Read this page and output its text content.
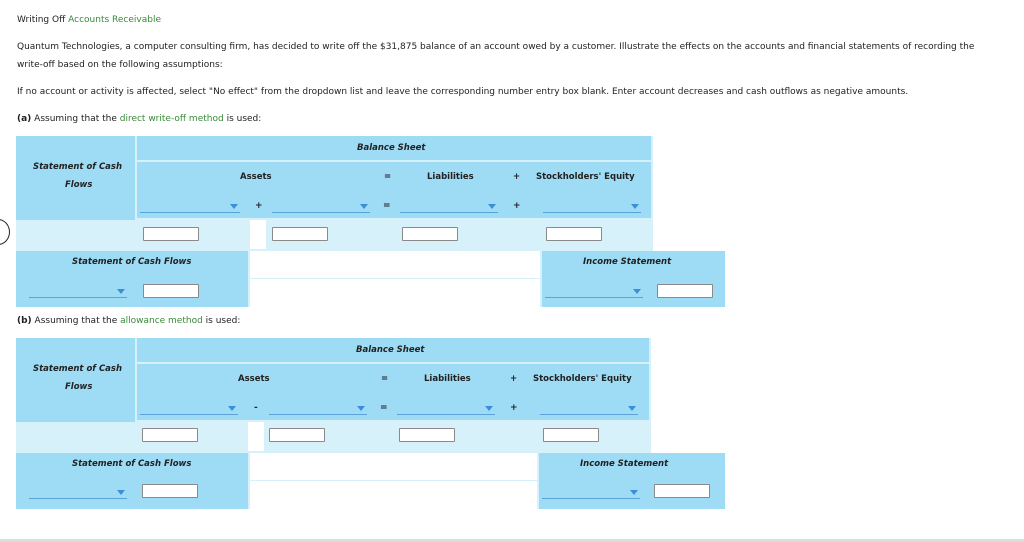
Writing Off Accounts Receivable
Quantum Technologies, a computer consulting firm, has decided to write off the $31,875 balance of an account owed by a customer. Illustrate the effects on the accounts and financial statements of recording the
write-off based on the following assumptions:
If no account or activity is affected, select "No effect" from the dropdown list and leave the corresponding number entry box blank. Enter account decreases and cash outflows as negative amounts.
(a) Assuming that the direct write-off method is used:
Balance Sheet
Statement of Cash
Flows
Assets	=	Liabilities	+ Stockholders' Equity
+	=	+
Statement of Cash Flows	Income Statement
(b) Assuming that the allowance method is used:
Balance Sheet
Statement of Cash
Flows
Assets	=	Liabilities	+ Stockholders' Equity
-	=	+
Statement of Cash Flows	Income Statement
